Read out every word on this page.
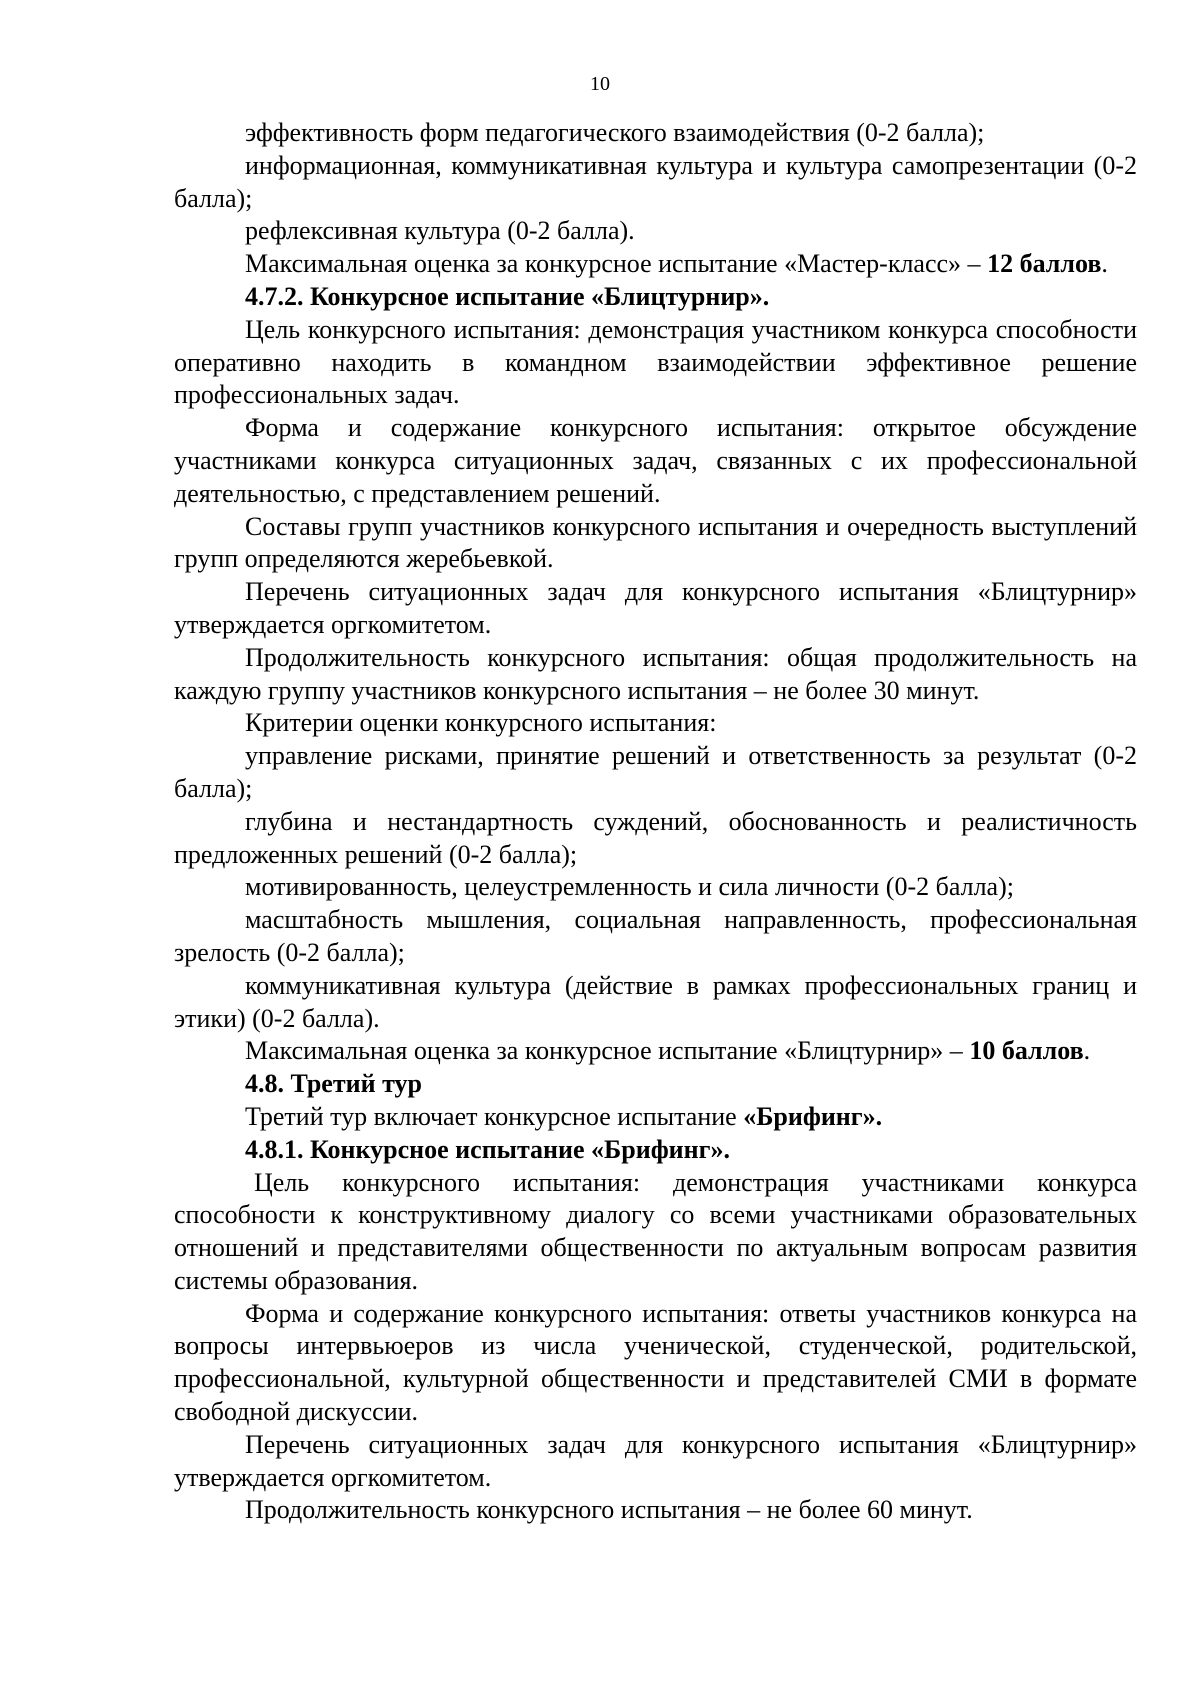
10

эффективность форм педагогического взаимодействия (0-2 балла);

информационная, коммуникативная культура и культура самопрезентации (0-2 балла);

рефлексивная культура (0-2 балла).

Максимальная оценка за конкурсное испытание «Мастер-класс» – 12 баллов.

4.7.2. Конкурсное испытание «Блицтурнир».

Цель конкурсного испытания: демонстрация участником конкурса способности оперативно находить в командном взаимодействии эффективное решение профессиональных задач.

Форма и содержание конкурсного испытания: открытое обсуждение участниками конкурса ситуационных задач, связанных с их профессиональной деятельностью, с представлением решений.

Составы групп участников конкурсного испытания и очередность выступлений групп определяются жеребьевкой.

Перечень ситуационных задач для конкурсного испытания «Блицтурнир» утверждается оргкомитетом.

Продолжительность конкурсного испытания: общая продолжительность на каждую группу участников конкурсного испытания – не более 30 минут.

Критерии оценки конкурсного испытания:

управление рисками, принятие решений и ответственность за результат (0-2 балла);

глубина и нестандартность суждений, обоснованность и реалистичность предложенных решений (0-2 балла);

мотивированность, целеустремленность и сила личности (0-2 балла);

масштабность мышления, социальная направленность, профессиональная зрелость (0-2 балла);

коммуникативная культура (действие в рамках профессиональных границ и этики) (0-2 балла).

Максимальная оценка за конкурсное испытание «Блицтурнир» – 10 баллов.

4.8. Третий тур

Третий тур включает конкурсное испытание «Брифинг».

4.8.1. Конкурсное испытание «Брифинг».

Цель конкурсного испытания: демонстрация участниками конкурса способности к конструктивному диалогу со всеми участниками образовательных отношений и представителями общественности по актуальным вопросам развития системы образования.

Форма и содержание конкурсного испытания: ответы участников конкурса на вопросы интервьюеров из числа ученической, студенческой, родительской, профессиональной, культурной общественности и представителей СМИ в формате свободной дискуссии.

Перечень ситуационных задач для конкурсного испытания «Блицтурнир» утверждается оргкомитетом.

Продолжительность конкурсного испытания – не более 60 минут.
